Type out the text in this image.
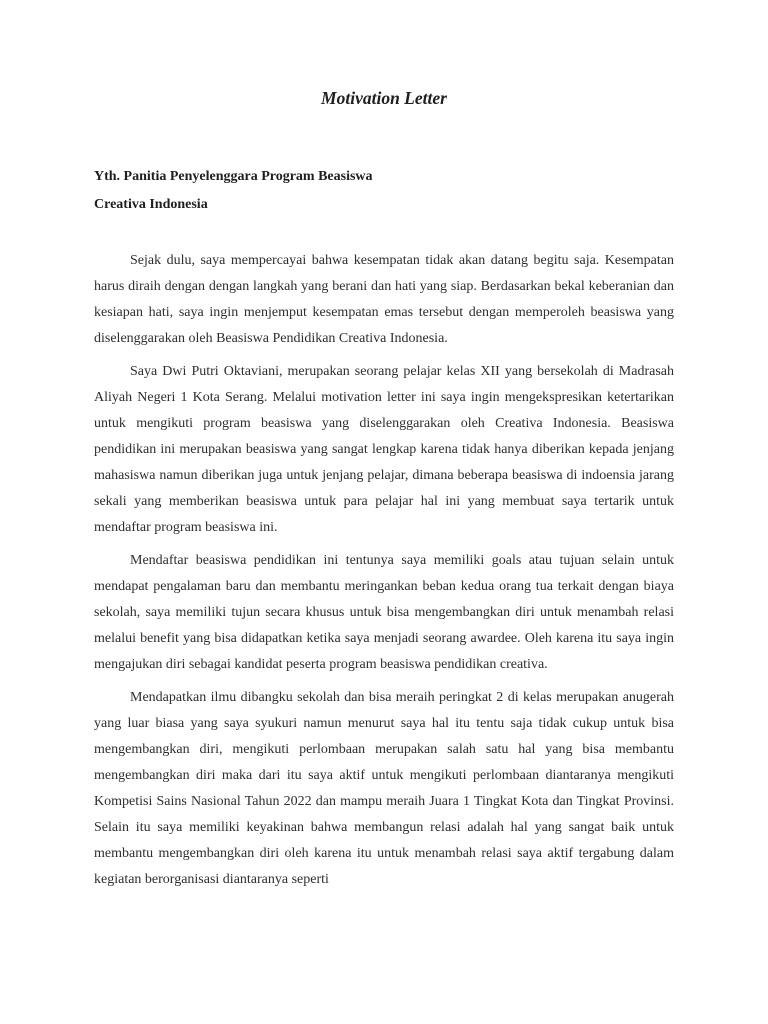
Motivation Letter
Yth. Panitia Penyelenggara Program Beasiswa
Creativa Indonesia

Sejak dulu, saya mempercayai bahwa kesempatan tidak akan datang begitu saja. Kesempatan harus diraih dengan dengan langkah yang berani dan hati yang siap. Berdasarkan bekal keberanian dan kesiapan hati, saya ingin menjemput kesempatan emas tersebut dengan memperoleh beasiswa yang diselenggarakan oleh Beasiswa Pendidikan Creativa Indonesia.

Saya Dwi Putri Oktaviani, merupakan seorang pelajar kelas XII yang bersekolah di Madrasah Aliyah Negeri 1 Kota Serang. Melalui motivation letter ini saya ingin mengekspresikan ketertarikan untuk mengikuti program beasiswa yang diselenggarakan oleh Creativa Indonesia. Beasiswa pendidikan ini merupakan beasiswa yang sangat lengkap karena tidak hanya diberikan kepada jenjang mahasiswa namun diberikan juga untuk jenjang pelajar, dimana beberapa beasiswa di indoensia jarang sekali yang memberikan beasiswa untuk para pelajar hal ini yang membuat saya tertarik untuk mendaftar program beasiswa ini.

Mendaftar beasiswa pendidikan ini tentunya saya memiliki goals atau tujuan selain untuk mendapat pengalaman baru dan membantu meringankan beban kedua orang tua terkait dengan biaya sekolah, saya memiliki tujun secara khusus untuk bisa mengembangkan diri untuk menambah relasi melalui benefit yang bisa didapatkan ketika saya menjadi seorang awardee. Oleh karena itu saya ingin mengajukan diri sebagai kandidat peserta program beasiswa pendidikan creativa.

Mendapatkan ilmu dibangku sekolah dan bisa meraih peringkat 2 di kelas merupakan anugerah yang luar biasa yang saya syukuri namun menurut saya hal itu tentu saja tidak cukup untuk bisa mengembangkan diri, mengikuti perlombaan merupakan salah satu hal yang bisa membantu mengembangkan diri maka dari itu saya aktif untuk mengikuti perlombaan diantaranya mengikuti Kompetisi Sains Nasional Tahun 2022 dan mampu meraih Juara 1 Tingkat Kota dan Tingkat Provinsi. Selain itu saya memiliki keyakinan bahwa membangun relasi adalah hal yang sangat baik untuk membantu mengembangkan diri oleh karena itu untuk menambah relasi saya aktif tergabung dalam kegiatan berorganisasi diantaranya seperti
